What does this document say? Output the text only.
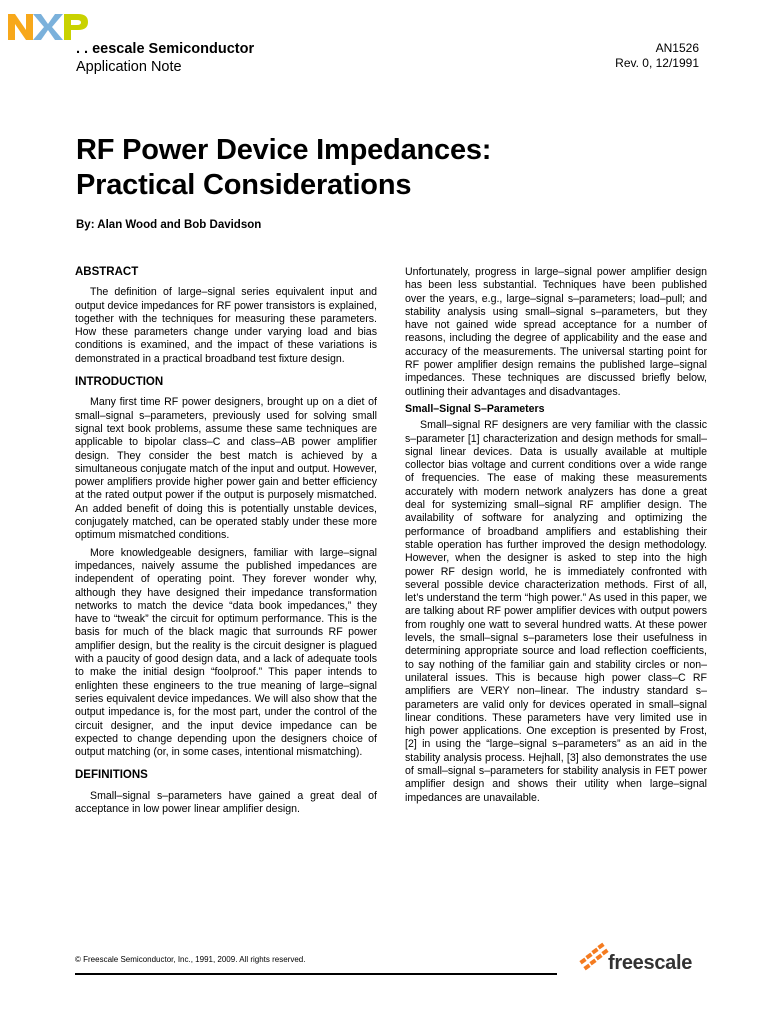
. . eescale Semiconductor
Application Note
AN1526
Rev. 0, 12/1991
RF Power Device Impedances:
Practical Considerations
By: Alan Wood and Bob Davidson
ABSTRACT

The definition of large–signal series equivalent input and output device impedances for RF power transistors is explained, together with the techniques for measuring these parameters. How these parameters change under varying load and bias conditions is examined, and the impact of these variations is demonstrated in a practical broadband test fixture design.

INTRODUCTION

Many first time RF power designers, brought up on a diet of small–signal s–parameters, previously used for solving small signal text book problems, assume these same techniques are applicable to bipolar class–C and class–AB power amplifier design. They consider the best match is achieved by a simultaneous conjugate match of the input and output. However, power amplifiers provide higher power gain and better efficiency at the rated output power if the output is purposely mismatched. An added benefit of doing this is potentially unstable devices, conjugately matched, can be operated stably under these more optimum mismatched conditions.

More knowledgeable designers, familiar with large–signal impedances, naively assume the published impedances are independent of operating point. They forever wonder why, although they have designed their impedance transformation networks to match the device “data book impedances,” they have to “tweak” the circuit for optimum performance. This is the basis for much of the black magic that surrounds RF power amplifier design, but the reality is the circuit designer is plagued with a paucity of good design data, and a lack of adequate tools to make the initial design “foolproof.” This paper intends to enlighten these engineers to the true meaning of large–signal series equivalent device impedances. We will also show that the output impedance is, for the most part, under the control of the circuit designer, and the input device impedance can be expected to change depending upon the designers choice of output matching (or, in some cases, intentional mismatching).

DEFINITIONS

Small–signal s–parameters have gained a great deal of acceptance in low power linear amplifier design.

Unfortunately, progress in large–signal power amplifier design has been less substantial. Techniques have been published over the years, e.g., large–signal s–parameters; load–pull; and stability analysis using small–signal s–parameters, but they have not gained wide spread acceptance for a number of reasons, including the degree of applicability and the ease and accuracy of the measurements. The universal starting point for RF power amplifier design remains the published large–signal impedances. These techniques are discussed briefly below, outlining their advantages and disadvantages.

Small–Signal S–Parameters

Small–signal RF designers are very familiar with the classic s–parameter [1] characterization and design methods for small–signal linear devices. Data is usually available at multiple collector bias voltage and current conditions over a wide range of frequencies. The ease of making these measurements accurately with modern network analyzers has done a great deal for systemizing small–signal RF amplifier design. The availability of software for analyzing and optimizing the performance of broadband amplifiers and establishing their stable operation has further improved the design methodology. However, when the designer is asked to step into the high power RF design world, he is immediately confronted with several possible device characterization methods. First of all, let’s understand the term “high power.” As used in this paper, we are talking about RF power amplifier devices with output powers from roughly one watt to several hundred watts. At these power levels, the small–signal s–parameters lose their usefulness in determining appropriate source and load reflection coefficients, to say nothing of the familiar gain and stability circles or non–unilateral issues. This is because high power class–C RF amplifiers are VERY non–linear. The industry standard s–parameters are valid only for devices operated in small–signal linear conditions. These parameters have very limited use in high power applications. One exception is presented by Frost, [2] in using the “large–signal s–parameters” as an aid in the stability analysis process. Hejhall, [3] also demonstrates the use of small–signal s–parameters for stability analysis in FET power amplifier design and shows their utility when large–signal impedances are unavailable.

© Freescale Semiconductor, Inc., 1991, 2009. All rights reserved.	freescale
